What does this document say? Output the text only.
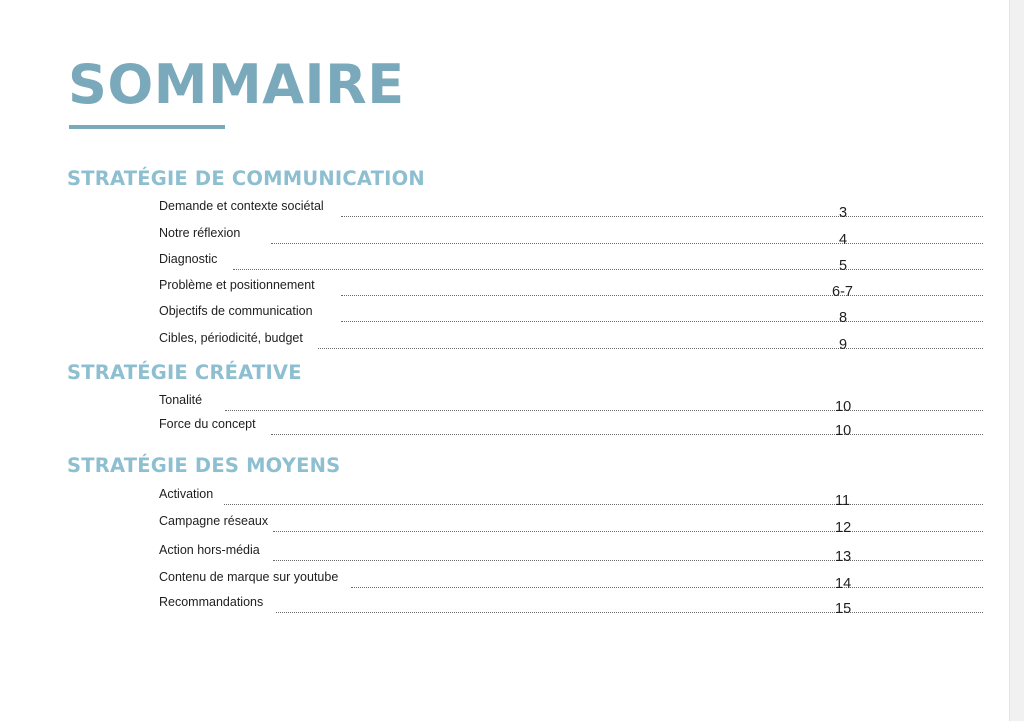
SOMMAIRE
STRATÉGIE DE COMMUNICATION
Demande et contexte sociétal	3
Notre réflexion	4
Diagnostic	5
Problème et positionnement	6-7
Objectifs de communication	8
Cibles, périodicité, budget	9
STRATÉGIE CRÉATIVE
Tonalité	10
Force du concept	10
STRATÉGIE DES MOYENS
Activation	11
Campagne réseaux	12
Action hors-média	13
Contenu de marque sur youtube	14
Recommandations	15
